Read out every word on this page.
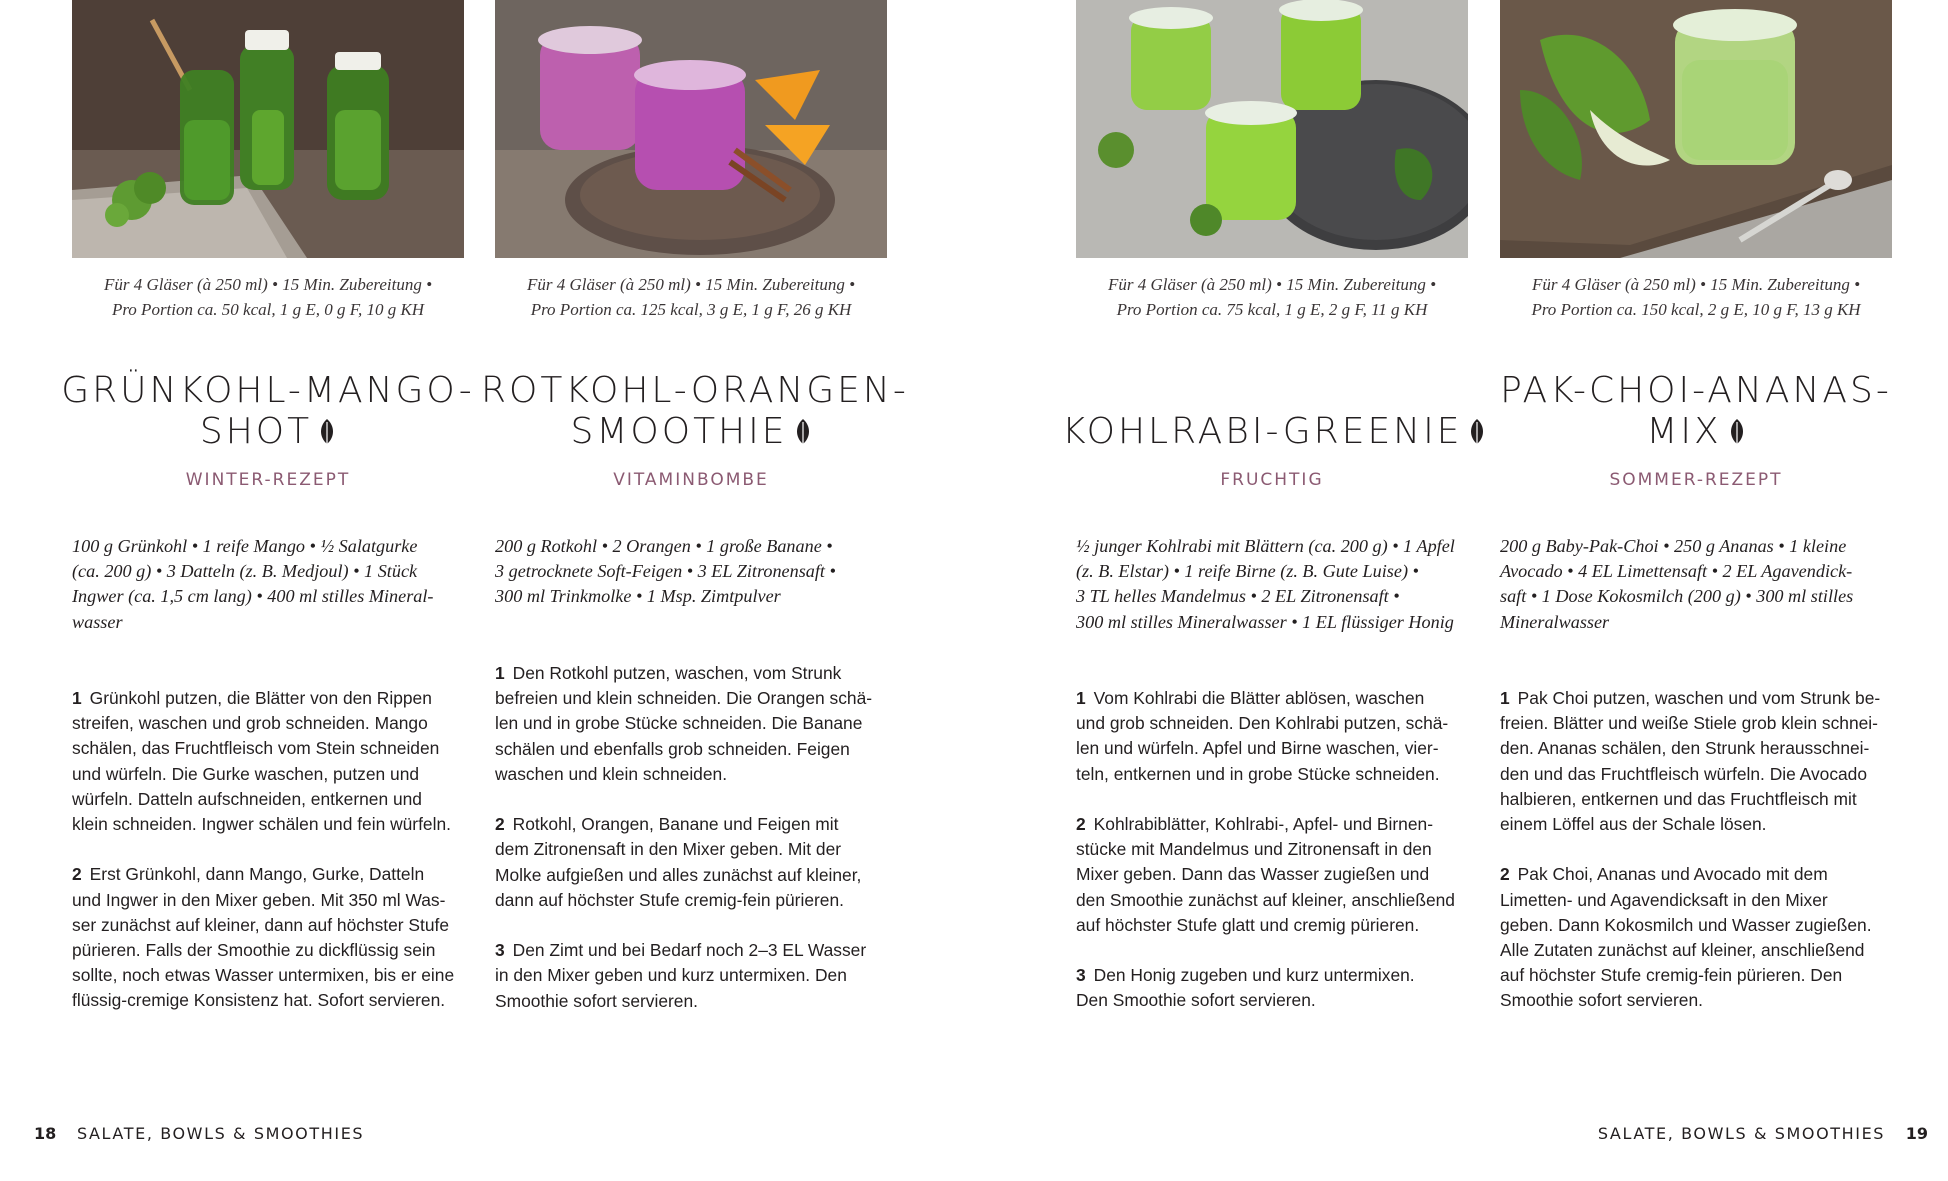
Für 4 Gläser (à 250 ml) • 15 Min. Zubereitung •
Pro Portion ca. 50 kcal, 1 g E, 0 g F, 10 g KH
GRÜNKOHL-MANGO-
SHOT
WINTER-REZEPT
100 g Grünkohl • 1 reife Mango • ½ Salatgurke
(ca. 200 g) • 3 Datteln (z. B. Medjoul) • 1 Stück
Ingwer (ca. 1,5 cm lang) • 400 ml stilles Mineral-
wasser
1 Grünkohl putzen, die Blätter von den Rippen
streifen, waschen und grob schneiden. Mango
schälen, das Fruchtfleisch vom Stein schneiden
und würfeln. Die Gurke waschen, putzen und
würfeln. Datteln aufschneiden, entkernen und
klein schneiden. Ingwer schälen und fein würfeln.
2 Erst Grünkohl, dann Mango, Gurke, Datteln
und Ingwer in den Mixer geben. Mit 350 ml Was-
ser zunächst auf kleiner, dann auf höchster Stufe
pürieren. Falls der Smoothie zu dickflüssig sein
sollte, noch etwas Wasser untermixen, bis er eine
flüssig-cremige Konsistenz hat. Sofort servieren.
Für 4 Gläser (à 250 ml) • 15 Min. Zubereitung •
Pro Portion ca. 125 kcal, 3 g E, 1 g F, 26 g KH
ROTKOHL-ORANGEN-
SMOOTHIE
VITAMINBOMBE
200 g Rotkohl • 2 Orangen • 1 große Banane •
3 getrocknete Soft-Feigen • 3 EL Zitronensaft •
300 ml Trinkmolke • 1 Msp. Zimtpulver
1 Den Rotkohl putzen, waschen, vom Strunk
befreien und klein schneiden. Die Orangen schä-
len und in grobe Stücke schneiden. Die Banane
schälen und ebenfalls grob schneiden. Feigen
waschen und klein schneiden.
2 Rotkohl, Orangen, Banane und Feigen mit
dem Zitronensaft in den Mixer geben. Mit der
Molke aufgießen und alles zunächst auf kleiner,
dann auf höchster Stufe cremig-fein pürieren.
3 Den Zimt und bei Bedarf noch 2–3 EL Wasser
in den Mixer geben und kurz untermixen. Den
Smoothie sofort servieren.
Für 4 Gläser (à 250 ml) • 15 Min. Zubereitung •
Pro Portion ca. 75 kcal, 1 g E, 2 g F, 11 g KH
KOHLRABI-GREENIE
FRUCHTIG
½ junger Kohlrabi mit Blättern (ca. 200 g) • 1 Apfel
(z. B. Elstar) • 1 reife Birne (z. B. Gute Luise) •
3 TL helles Mandelmus • 2 EL Zitronensaft •
300 ml stilles Mineralwasser • 1 EL flüssiger Honig
1 Vom Kohlrabi die Blätter ablösen, waschen
und grob schneiden. Den Kohlrabi putzen, schä-
len und würfeln. Apfel und Birne waschen, vier-
teln, entkernen und in grobe Stücke schneiden.
2 Kohlrabiblätter, Kohlrabi-, Apfel- und Birnen-
stücke mit Mandelmus und Zitronensaft in den
Mixer geben. Dann das Wasser zugießen und
den Smoothie zunächst auf kleiner, anschließend
auf höchster Stufe glatt und cremig pürieren.
3 Den Honig zugeben und kurz untermixen.
Den Smoothie sofort servieren.
Für 4 Gläser (à 250 ml) • 15 Min. Zubereitung •
Pro Portion ca. 150 kcal, 2 g E, 10 g F, 13 g KH
PAK-CHOI-ANANAS-
MIX
SOMMER-REZEPT
200 g Baby-Pak-Choi • 250 g Ananas • 1 kleine
Avocado • 4 EL Limettensaft • 2 EL Agavendick-
saft • 1 Dose Kokosmilch (200 g) • 300 ml stilles
Mineralwasser
1 Pak Choi putzen, waschen und vom Strunk be-
freien. Blätter und weiße Stiele grob klein schnei-
den. Ananas schälen, den Strunk herausschnei-
den und das Fruchtfleisch würfeln. Die Avocado
halbieren, entkernen und das Fruchtfleisch mit
einem Löffel aus der Schale lösen.
2 Pak Choi, Ananas und Avocado mit dem
Limetten- und Agavendicksaft in den Mixer
geben. Dann Kokosmilch und Wasser zugießen.
Alle Zutaten zunächst auf kleiner, anschließend
auf höchster Stufe cremig-fein pürieren. Den
Smoothie sofort servieren.
18 SALATE, BOWLS & SMOOTHIES	SALATE, BOWLS & SMOOTHIES 19
